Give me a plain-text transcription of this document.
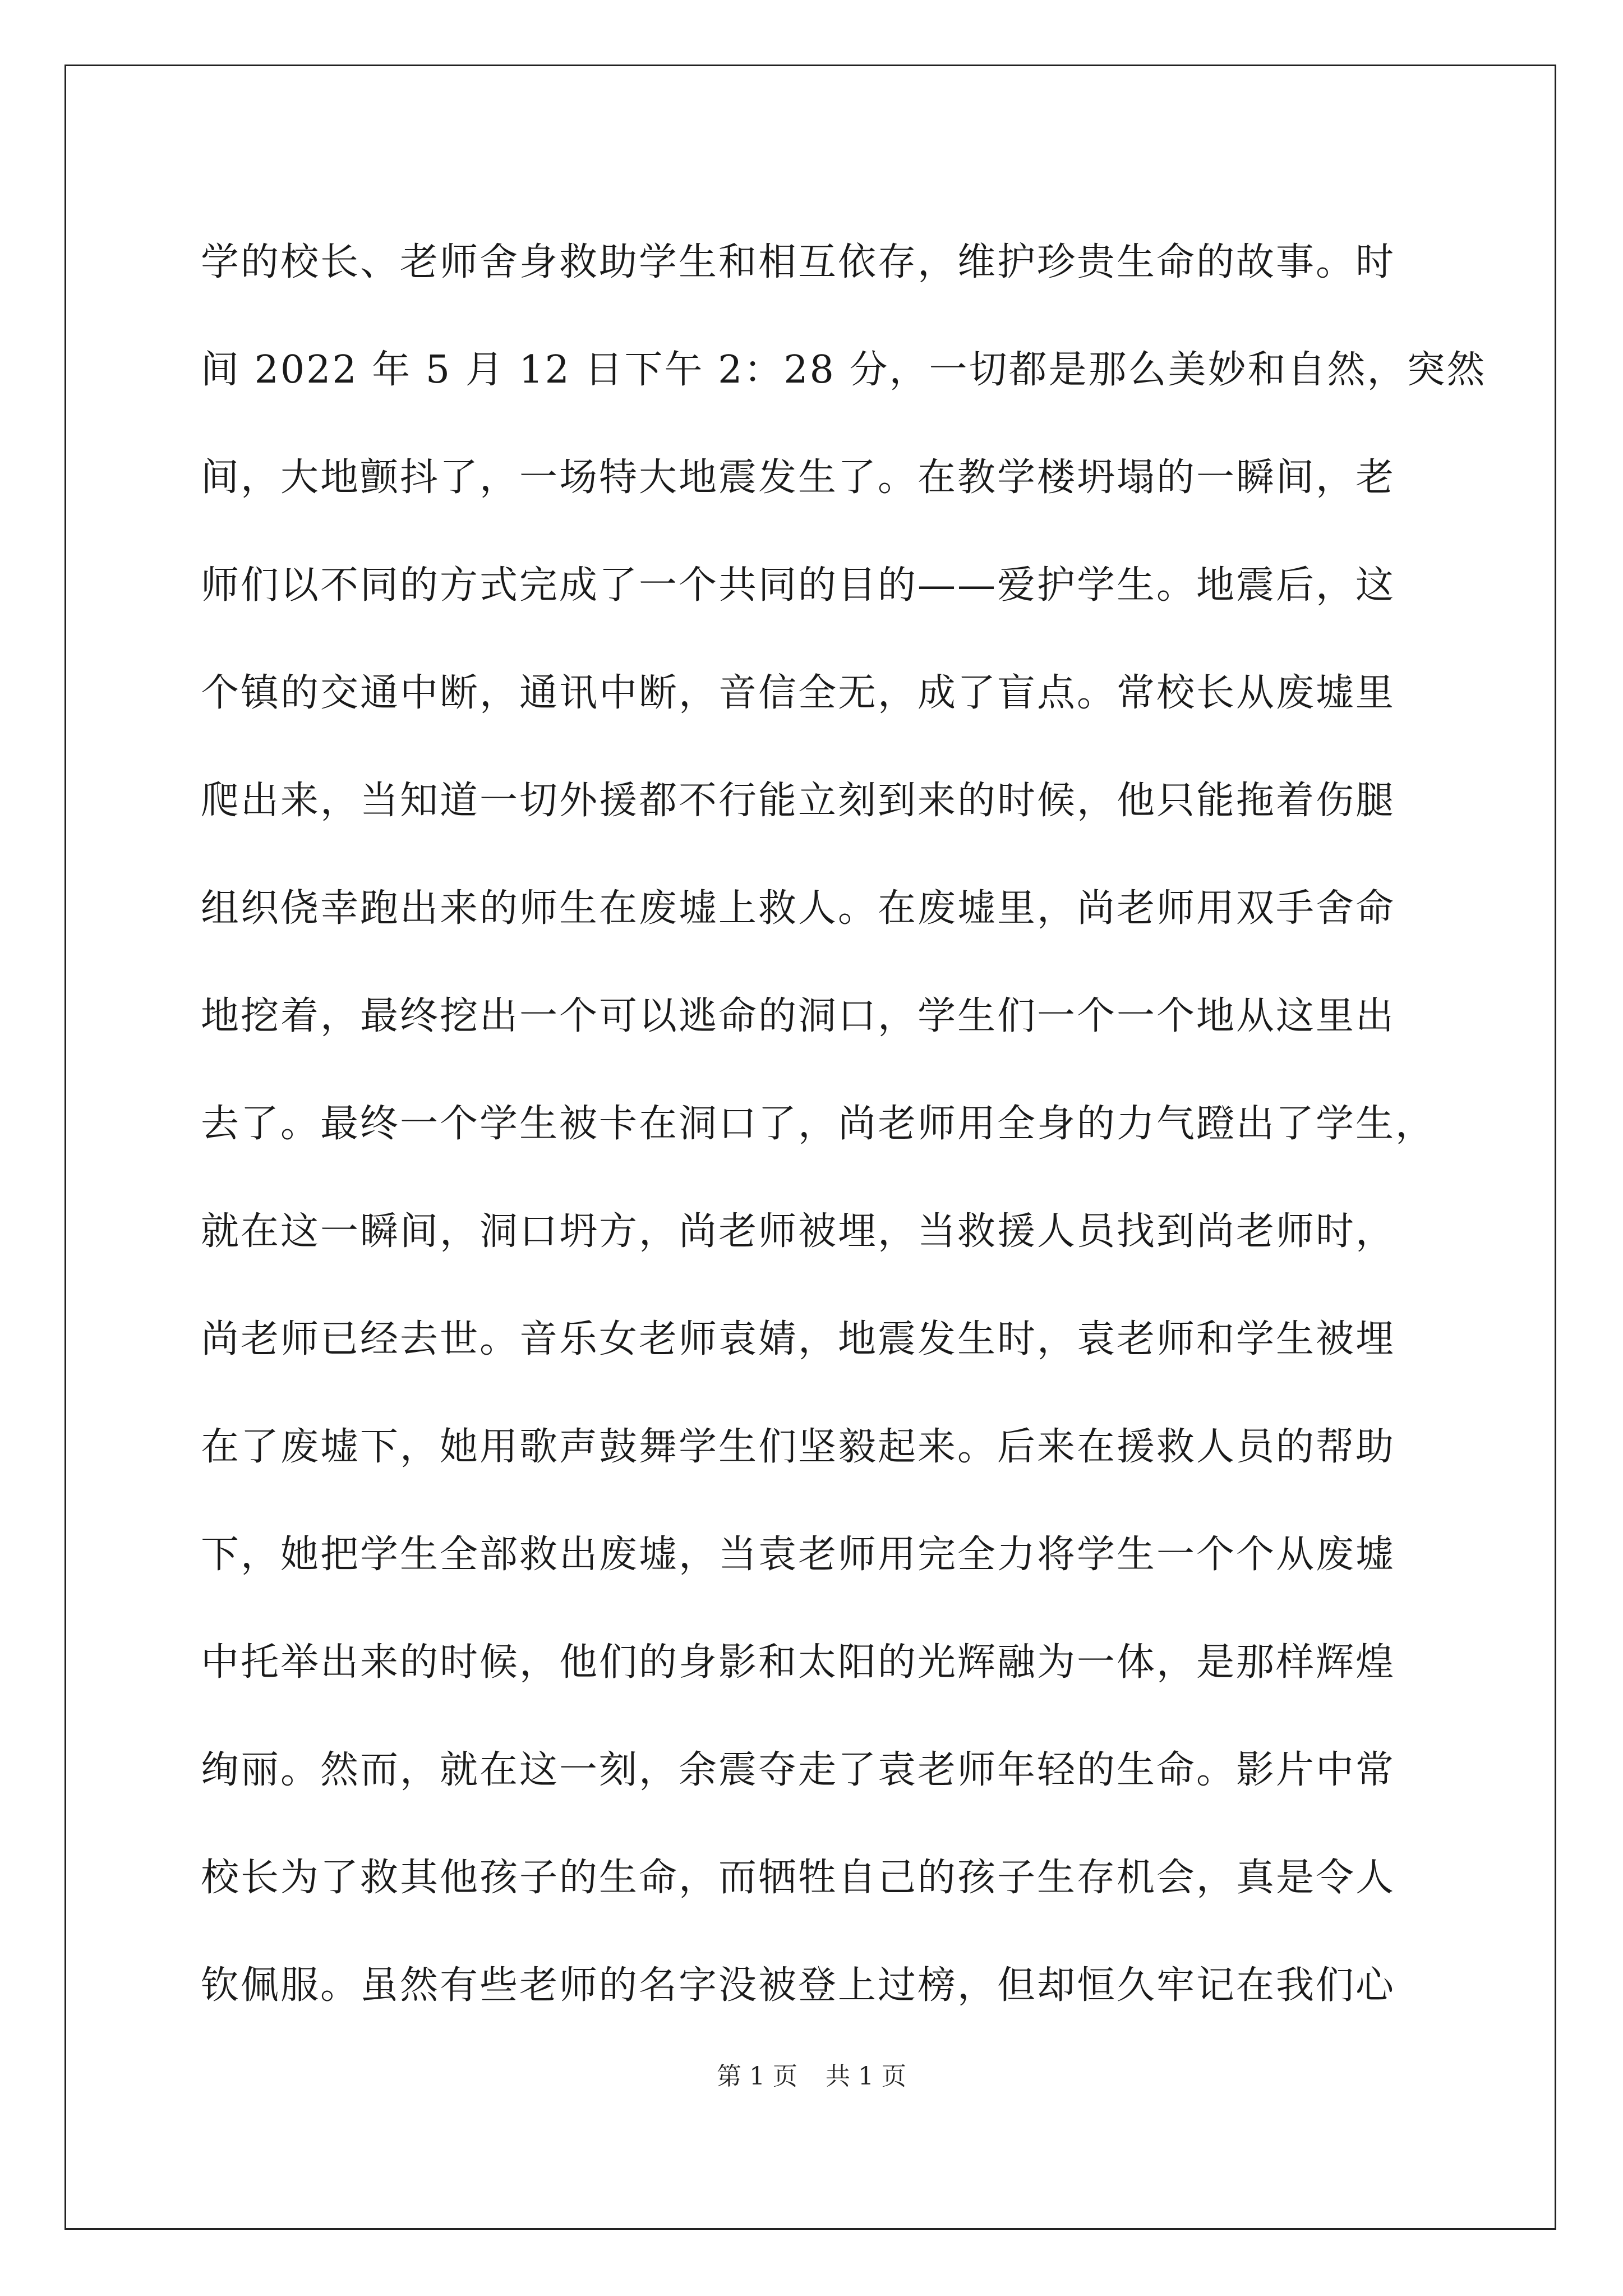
学的校长、老师舍身救助学生和相互依存，维护珍贵生命的故事。时
间 2022 年 5 月 12 日下午 2：28 分，一切都是那么美妙和自然，突然
间，大地颤抖了，一场特大地震发生了。在教学楼坍塌的一瞬间，老
师们以不同的方式完成了一个共同的目的——爱护学生。地震后，这
个镇的交通中断，通讯中断，音信全无，成了盲点。常校长从废墟里
爬出来，当知道一切外援都不行能立刻到来的时候，他只能拖着伤腿
组织侥幸跑出来的师生在废墟上救人。在废墟里，尚老师用双手舍命
地挖着，最终挖出一个可以逃命的洞口，学生们一个一个地从这里出
去了。最终一个学生被卡在洞口了，尚老师用全身的力气蹬出了学生，
就在这一瞬间，洞口坍方，尚老师被埋，当救援人员找到尚老师时，
尚老师已经去世。音乐女老师袁婧，地震发生时，袁老师和学生被埋
在了废墟下，她用歌声鼓舞学生们坚毅起来。后来在援救人员的帮助
下，她把学生全部救出废墟，当袁老师用完全力将学生一个个从废墟
中托举出来的时候，他们的身影和太阳的光辉融为一体，是那样辉煌
绚丽。然而，就在这一刻，余震夺走了袁老师年轻的生命。影片中常
校长为了救其他孩子的生命，而牺牲自己的孩子生存机会，真是令人
钦佩服。虽然有些老师的名字没被登上过榜，但却恒久牢记在我们心
第 1 页 共 1 页
